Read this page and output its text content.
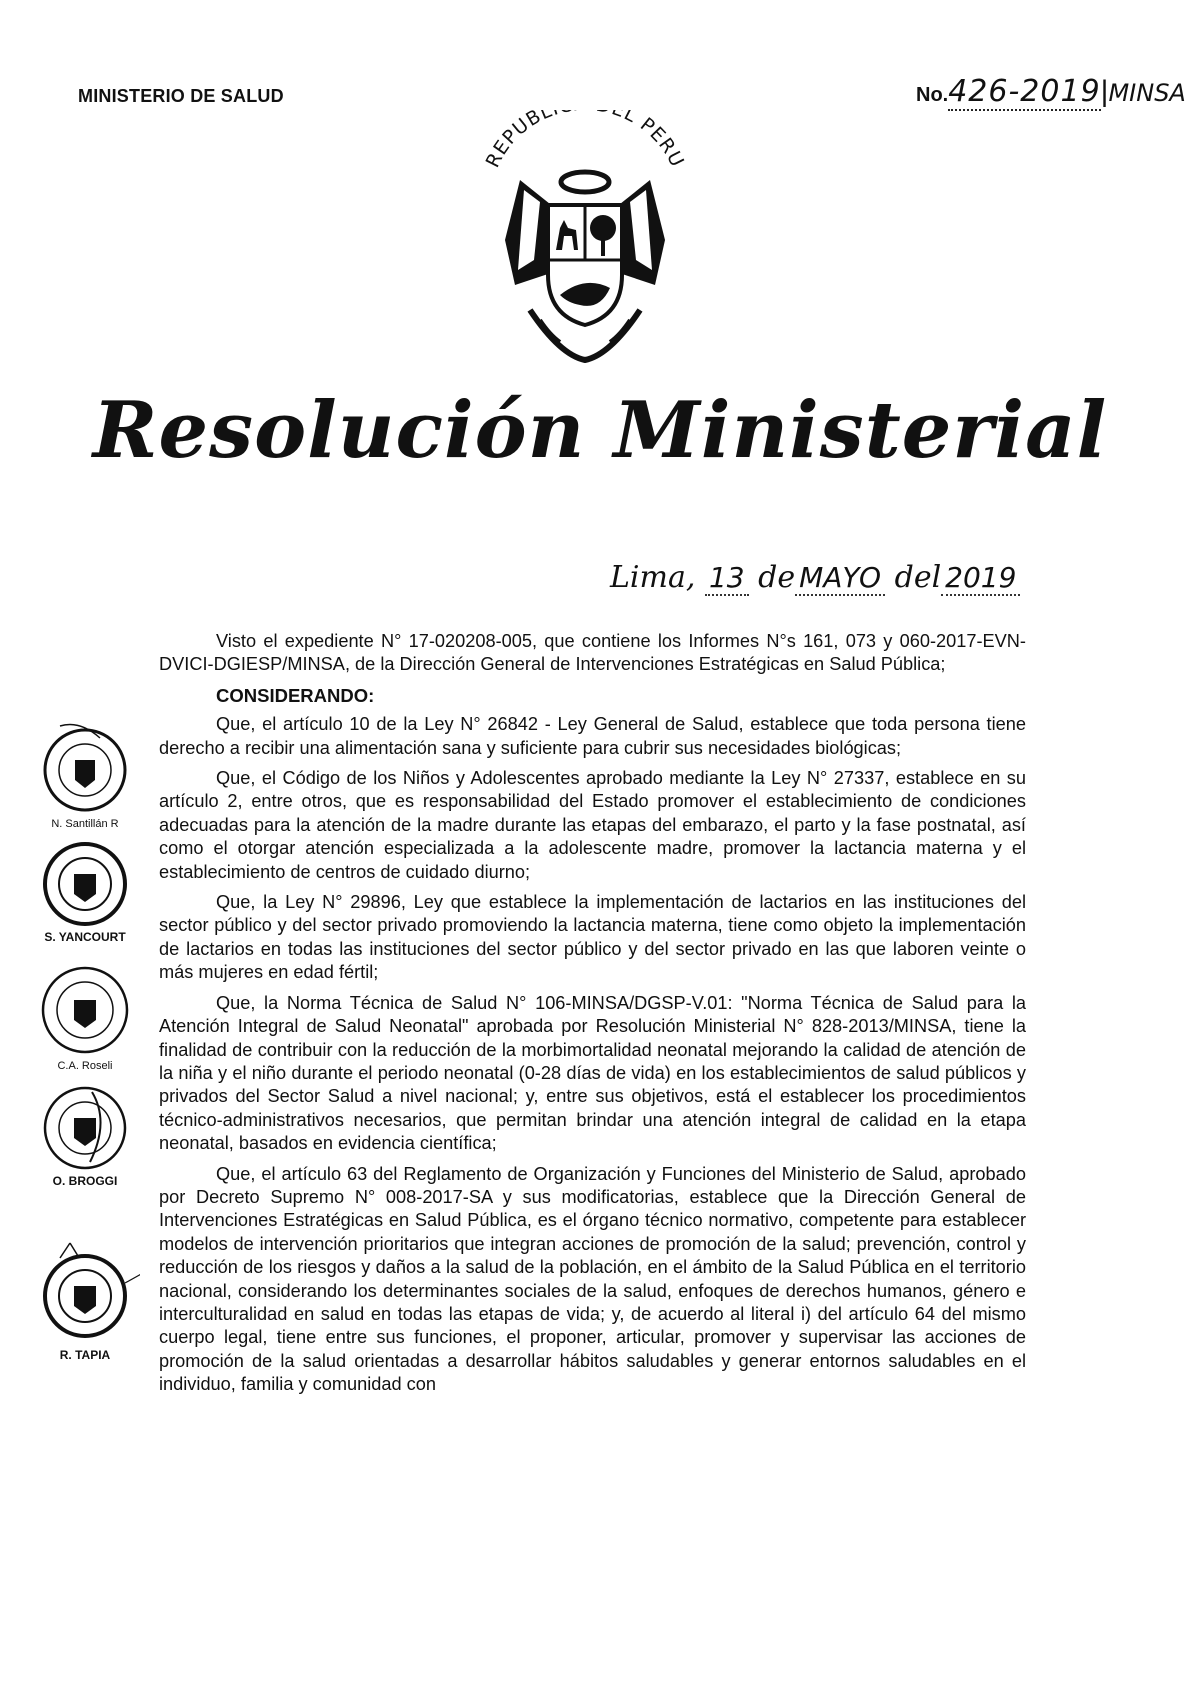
MINISTERIO DE SALUD	No.426-2019|MINSA
REPUBL L PERU
Resolución Ministerial
Lima, 13 de MAYO del 2019

Visto el expediente N° 17-020208-005, que contiene los Informes N°s 161, 073 y 060-2017-EVN-DVICI-DGIESP/MINSA, de la Dirección General de Intervenciones Estratégicas en Salud Pública;

CONSIDERANDO:

Que, el artículo 10 de la Ley N° 26842 - Ley General de Salud, establece que toda persona tiene derecho a recibir una alimentación sana y suficiente para cubrir sus necesidades biológicas;

Que, el Código de los Niños y Adolescentes aprobado mediante la Ley N° 27337, establece en su artículo 2, entre otros, que es responsabilidad del Estado promover el establecimiento de condiciones adecuadas para la atención de la madre durante las etapas del embarazo, el parto y la fase postnatal, así como el otorgar atención especializada a la adolescente madre, promover la lactancia materna y el establecimiento de centros de cuidado diurno;

Que, la Ley N° 29896, Ley que establece la implementación de lactarios en las instituciones del sector público y del sector privado promoviendo la lactancia materna, tiene como objeto la implementación de lactarios en todas las instituciones del sector público y del sector privado en las que laboren veinte o más mujeres en edad fértil;

Que, la Norma Técnica de Salud N° 106-MINSA/DGSP-V.01: "Norma Técnica de Salud para la Atención Integral de Salud Neonatal" aprobada por Resolución Ministerial N° 828-2013/MINSA, tiene la finalidad de contribuir con la reducción de la morbimortalidad neonatal mejorando la calidad de atención de la niña y el niño durante el periodo neonatal (0-28 días de vida) en los establecimientos de salud públicos y privados del Sector Salud a nivel nacional; y, entre sus objetivos, está el establecer los procedimientos técnico-administrativos necesarios, que permitan brindar una atención integral de calidad en la etapa neonatal, basados en evidencia científica;

Que, el artículo 63 del Reglamento de Organización y Funciones del Ministerio de Salud, aprobado por Decreto Supremo N° 008-2017-SA y sus modificatorias, establece que la Dirección General de Intervenciones Estratégicas en Salud Pública, es el órgano técnico normativo, competente para establecer modelos de intervención prioritarios que integran acciones de promoción de la salud; prevención, control y reducción de los riesgos y daños a la salud de la población, en el ámbito de la Salud Pública en el territorio nacional, considerando los determinantes sociales de la salud, enfoques de derechos humanos, género e interculturalidad en salud en todas las etapas de vida; y, de acuerdo al literal i) del artículo 64 del mismo cuerpo legal, tiene entre sus funciones, el proponer, articular, promover y supervisar las acciones de promoción de la salud orientadas a desarrollar hábitos saludables y generar entornos saludables en el individuo, familia y comunidad con

N. Santillán R
S. YANCOURT
C.A. Roseli
O. BROGGI
R. TAPIA
